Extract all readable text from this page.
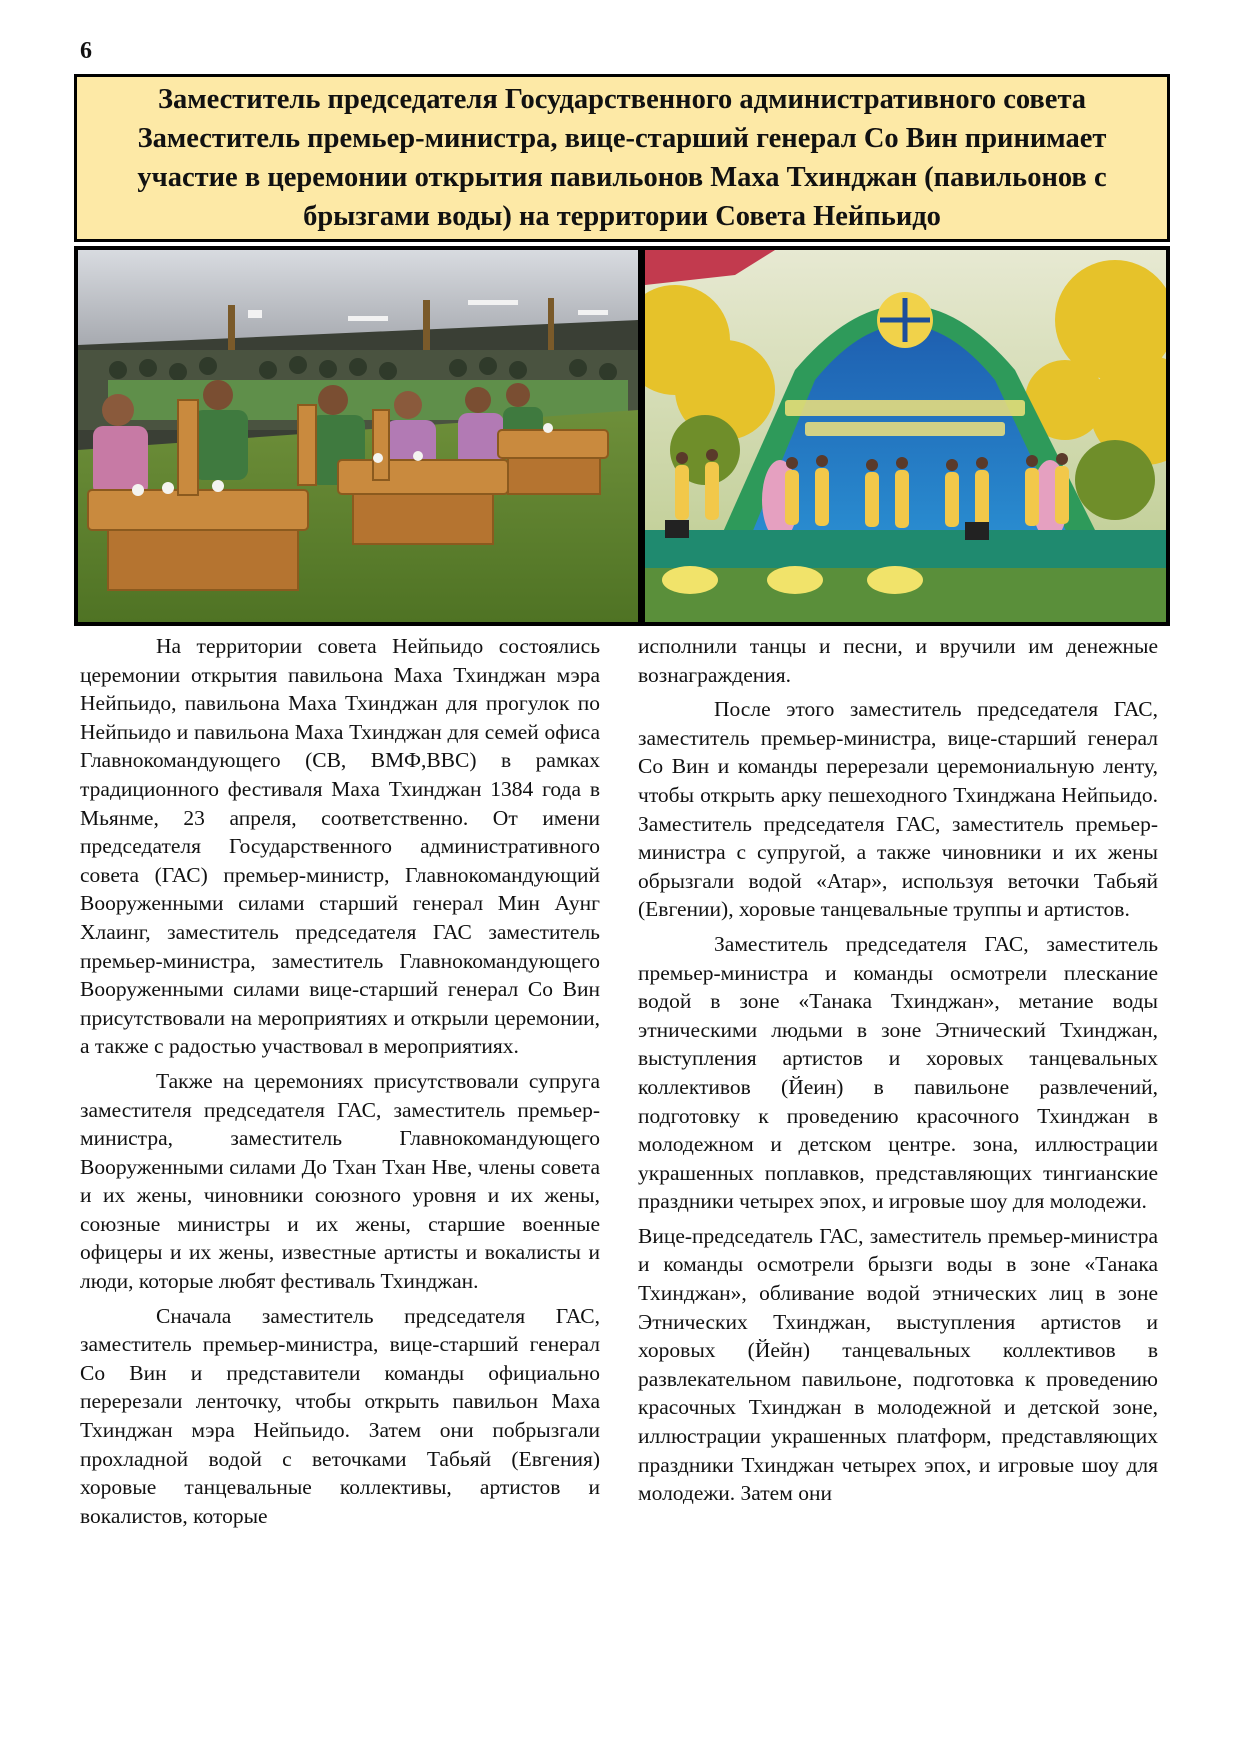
6
Заместитель председателя Государственного административного совета Заместитель премьер-министра, вице-старший генерал Со Вин принимает участие в церемонии открытия павильонов Маха Тхинджан (павильонов с брызгами воды) на территории Совета Нейпьидо

На территории совета Нейпьидо состоялись церемонии открытия павильона Маха Тхинджан мэра Нейпьидо, павильона Маха Тхинджан для прогулок по Нейпьидо и павильона Маха Тхинджан для семей офиса Главнокомандующего (СВ, ВМФ,ВВС) в рамках традиционного фестиваля Маха Тхинджан 1384 года в Мьянме, 23 апреля, соответственно. От имени председателя Государственного административного совета (ГАС) премьер-министр, Главнокомандующий Вооруженными силами старший генерал Мин Аунг Хлаинг, заместитель председателя ГАС заместитель премьер-министра, заместитель Главнокомандующего Вооруженными силами вице-старший генерал Со Вин присутствовали на мероприятиях и открыли церемонии, а также с радостью участвовал в мероприятиях.

Также на церемониях присутствовали супруга заместителя председателя ГАС, заместитель премьер-министра, заместитель Главнокомандующего Вооруженными силами До Тхан Тхан Нве, члены совета и их жены, чиновники союзного уровня и их жены, союзные министры и их жены, старшие военные офицеры и их жены, известные артисты и вокалисты и люди, которые любят фестиваль Тхинджан.

Сначала заместитель председателя ГАС, заместитель премьер-министра, вице-старший генерал Со Вин и представители команды официально перерезали ленточку, чтобы открыть павильон Маха Тхинджан мэра Нейпьидо. Затем они побрызгали прохладной водой с веточками Табьяй (Евгения) хоровые танцевальные коллективы, артистов и вокалистов, которые

исполнили танцы и песни, и вручили им денежные вознаграждения.

После этого заместитель председателя ГАС, заместитель премьер-министра, вице-старший генерал Со Вин и команды перерезали церемониальную ленту, чтобы открыть арку пешеходного Тхинджана Нейпьидо. Заместитель председателя ГАС, заместитель премьер-министра с супругой, а также чиновники и их жены обрызгали водой «Атар», используя веточки Табьяй (Евгении), хоровые танцевальные труппы и артистов.

Заместитель председателя ГАС, заместитель премьер-министра и команды осмотрели плескание водой в зоне «Танака Тхинджан», метание воды этническими людьми в зоне Этнический Тхинджан, выступления артистов и хоровых танцевальных коллективов (Йеин) в павильоне развлечений, подготовку к проведению красочного Тхинджан в молодежном и детском центре. зона, иллюстрации украшенных поплавков, представляющих тингианские праздники четырех эпох, и игровые шоу для молодежи.

Вице-председатель ГАС, заместитель премьер-министра и команды осмотрели брызги воды в зоне «Танака Тхинджан», обливание водой этнических лиц в зоне Этнических Тхинджан, выступления артистов и хоровых (Йейн) танцевальных коллективов в развлекательном павильоне, подготовка к проведению красочных Тхинджан в молодежной и детской зоне, иллюстрации украшенных платформ, представляющих праздники Тхинджан четырех эпох, и игровые шоу для молодежи. Затем они
